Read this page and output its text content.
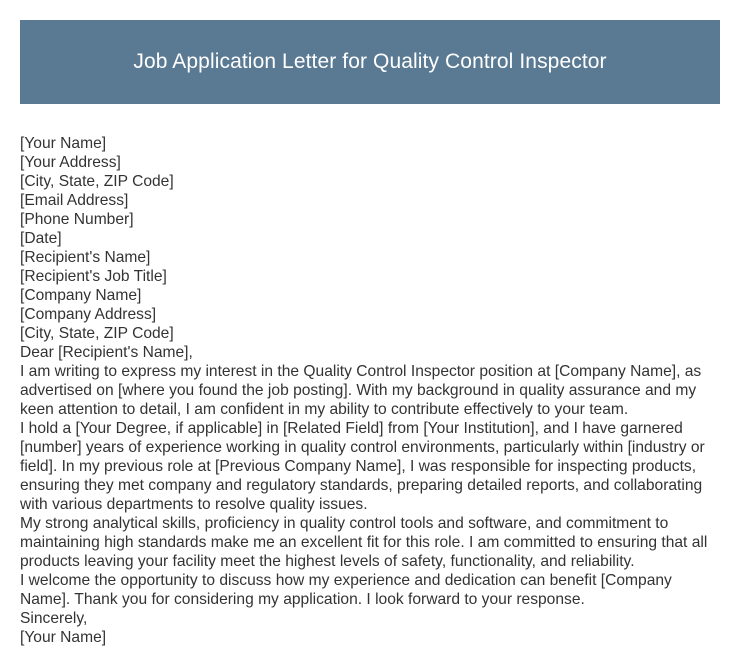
Job Application Letter for Quality Control Inspector
[Your Name]
[Your Address]
[City, State, ZIP Code]
[Email Address]
[Phone Number]
[Date]
[Recipient's Name]
[Recipient's Job Title]
[Company Name]
[Company Address]
[City, State, ZIP Code]
Dear [Recipient's Name],
I am writing to express my interest in the Quality Control Inspector position at [Company Name], as advertised on [where you found the job posting]. With my background in quality assurance and my keen attention to detail, I am confident in my ability to contribute effectively to your team.
I hold a [Your Degree, if applicable] in [Related Field] from [Your Institution], and I have garnered [number] years of experience working in quality control environments, particularly within [industry or field]. In my previous role at [Previous Company Name], I was responsible for inspecting products, ensuring they met company and regulatory standards, preparing detailed reports, and collaborating with various departments to resolve quality issues.
My strong analytical skills, proficiency in quality control tools and software, and commitment to maintaining high standards make me an excellent fit for this role. I am committed to ensuring that all products leaving your facility meet the highest levels of safety, functionality, and reliability.
I welcome the opportunity to discuss how my experience and dedication can benefit [Company Name]. Thank you for considering my application. I look forward to your response.
Sincerely,
[Your Name]
